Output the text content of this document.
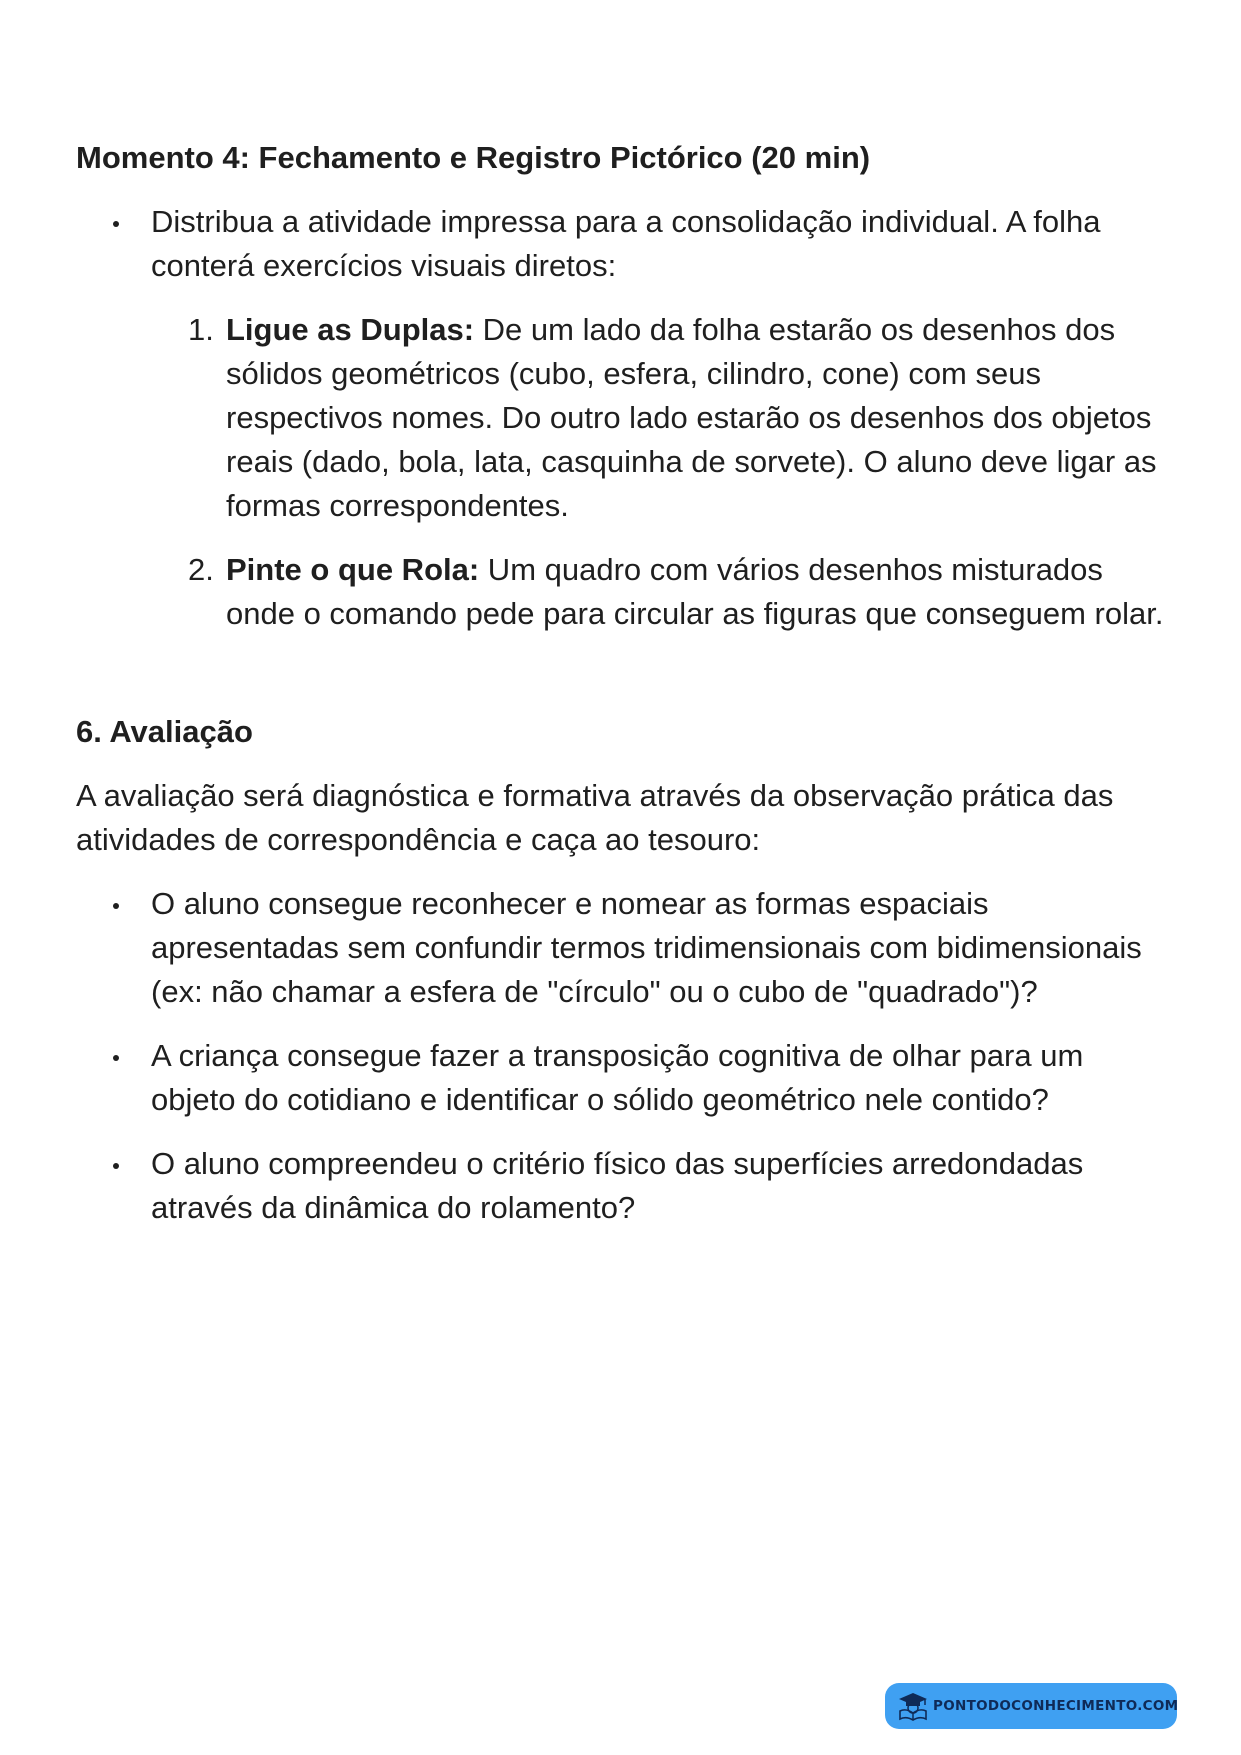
Momento 4: Fechamento e Registro Pictórico (20 min)
Distribua a atividade impressa para a consolidação individual. A folha conterá exercícios visuais diretos:
1. Ligue as Duplas: De um lado da folha estarão os desenhos dos sólidos geométricos (cubo, esfera, cilindro, cone) com seus respectivos nomes. Do outro lado estarão os desenhos dos objetos reais (dado, bola, lata, casquinha de sorvete). O aluno deve ligar as formas correspondentes.
2. Pinte o que Rola: Um quadro com vários desenhos misturados onde o comando pede para circular as figuras que conseguem rolar.
6. Avaliação

A avaliação será diagnóstica e formativa através da observação prática das atividades de correspondência e caça ao tesouro:

O aluno consegue reconhecer e nomear as formas espaciais apresentadas sem confundir termos tridimensionais com bidimensionais (ex: não chamar a esfera de "círculo" ou o cubo de "quadrado")?
A criança consegue fazer a transposição cognitiva de olhar para um objeto do cotidiano e identificar o sólido geométrico nele contido?
O aluno compreendeu o critério físico das superfícies arredondadas através da dinâmica do rolamento?
PONTODOCONHECIMENTO.COM
